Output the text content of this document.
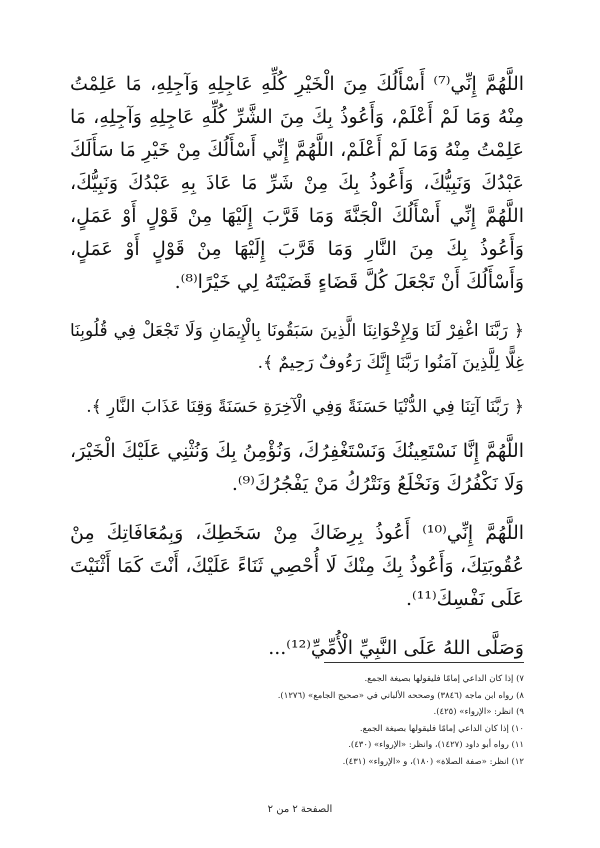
اللَّهُمَّ إِنِّي⁽⁷⁾ أَسْأَلُكَ مِنَ الْخَيْرِ كُلِّهِ عَاجِلِهِ وَآجِلِهِ، مَا عَلِمْتُ مِنْهُ وَمَا لَمْ أَعْلَمْ، وَأَعُوذُ بِكَ مِنَ الشَّرِّ كُلِّهِ عَاجِلِهِ وَآجِلِهِ، مَا عَلِمْتُ مِنْهُ وَمَا لَمْ أَعْلَمْ، اللَّهُمَّ إِنِّي أَسْأَلُكَ مِنْ خَيْرِ مَا سَأَلَكَ عَبْدُكَ وَنَبِيُّكَ، وَأَعُوذُ بِكَ مِنْ شَرِّ مَا عَاذَ بِهِ عَبْدُكَ وَنَبِيُّكَ، اللَّهُمَّ إِنِّي أَسْأَلُكَ الْجَنَّةَ وَمَا قَرَّبَ إِلَيْهَا مِنْ قَوْلٍ أَوْ عَمَلٍ، وَأَعُوذُ بِكَ مِنَ النَّارِ وَمَا قَرَّبَ إِلَيْهَا مِنْ قَوْلٍ أَوْ عَمَلٍ، وَأَسْأَلُكَ أَنْ تَجْعَلَ كُلَّ قَضَاءٍ قَضَيْتَهُ لِي خَيْرًا⁽⁸⁾.

﴿ رَبَّنَا اغْفِرْ لَنَا وَلِإِخْوَانِنَا الَّذِينَ سَبَقُونَا بِالْإِيمَانِ وَلَا تَجْعَلْ فِي قُلُوبِنَا غِلًّا لِلَّذِينَ آمَنُوا رَبَّنَا إِنَّكَ رَءُوفٌ رَحِيمٌ ﴾.

﴿ رَبَّنَا آتِنَا فِي الدُّنْيَا حَسَنَةً وَفِي الْآخِرَةِ حَسَنَةً وَقِنَا عَذَابَ النَّارِ ﴾.

اللَّهُمَّ إِنَّا نَسْتَعِينُكَ وَنَسْتَغْفِرُكَ، وَنُؤْمِنُ بِكَ وَنُثْنِي عَلَيْكَ الْخَيْرَ، وَلَا نَكْفُرُكَ وَنَخْلَعُ وَنَتْرُكُ مَنْ يَفْجُرُكَ⁽⁹⁾.

اللَّهُمَّ إِنِّي⁽¹⁰⁾ أَعُوذُ بِرِضَاكَ مِنْ سَخَطِكَ، وَبِمُعَافَاتِكَ مِنْ عُقُوبَتِكَ، وَأَعُوذُ بِكَ مِنْكَ لَا أُحْصِي ثَنَاءً عَلَيْكَ، أَنْتَ كَمَا أَثْنَيْتَ عَلَى نَفْسِكَ⁽¹¹⁾.

وَصَلَّى اللهُ عَلَى النَّبِيِّ الْأُمِّيِّ⁽¹²⁾...

٧) إذا كان الداعي إمامًا فليقولها بصيغة الجمع.
٨) رواه ابن ماجه (٣٨٤٦) وصححه الألباني في «صحيح الجامع» (١٢٧٦).
٩) انظر: «الإرواء» (٤٢٥).
١٠) إذا كان الداعي إمامًا فليقولها بصيغة الجمع.
١١) رواه أبو داود (١٤٢٧)، وانظر: «الإرواء» (٤٣٠).
١٢) انظر: «صفة الصلاة» (١٨٠)، و «الإرواء» (٤٣١).
الصفحة ٢ من ٢
